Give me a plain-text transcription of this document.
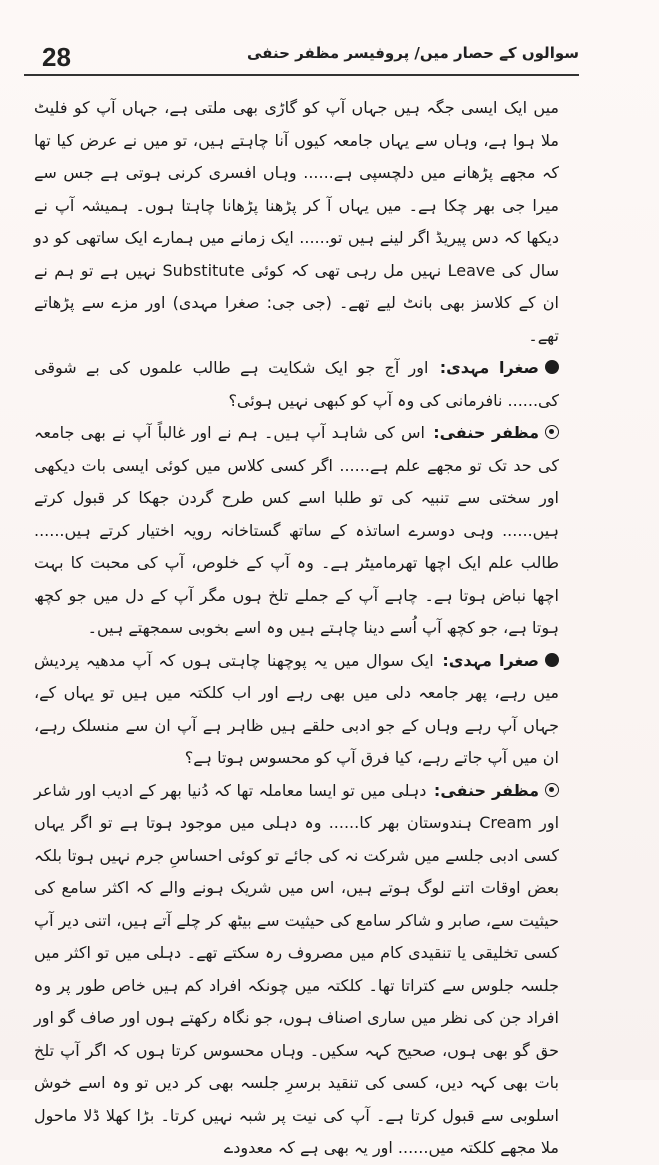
28	سوالوں کے حصار میں/ پروفیسر مظفر حنفی

میں ایک ایسی جگہ ہیں جہاں آپ کو گاڑی بھی ملتی ہے، جہاں آپ کو فلیٹ ملا ہوا ہے، وہاں سے یہاں جامعہ کیوں آنا چاہتے ہیں، تو میں نے عرض کیا تھا کہ مجھے پڑھانے میں دلچسپی ہے...... وہاں افسری کرنی ہوتی ہے جس سے میرا جی بھر چکا ہے۔ میں یہاں آ کر پڑھنا پڑھانا چاہتا ہوں۔ ہمیشہ آپ نے دیکھا کہ دس پیریڈ اگر لینے ہیں تو...... ایک زمانے میں ہمارے ایک ساتھی کو دو سال کی Leave نہیں مل رہی تھی کہ کوئی Substitute نہیں ہے تو ہم نے ان کے کلاسز بھی بانٹ لیے تھے۔ (جی جی: صغرا مہدی) اور مزے سے پڑھاتے تھے۔

صغرا مہدی: اور آج جو ایک شکایت ہے طالب علموں کی بے شوقی کی...... نافرمانی کی وہ آپ کو کبھی نہیں ہوئی؟

مظفر حنفی: اس کی شاہد آپ ہیں۔ ہم نے اور غالباً آپ نے بھی جامعہ کی حد تک تو مجھے علم ہے...... اگر کسی کلاس میں کوئی ایسی بات دیکھی اور سختی سے تنبیہ کی تو طلبا اسے کس طرح گردن جھکا کر قبول کرتے ہیں...... وہی دوسرے اساتذہ کے ساتھ گستاخانہ رویہ اختیار کرتے ہیں...... طالب علم ایک اچھا تھرمامیٹر ہے۔ وہ آپ کے خلوص، آپ کی محبت کا بہت اچھا نباض ہوتا ہے۔ چاہے آپ کے جملے تلخ ہوں مگر آپ کے دل میں جو کچھ ہوتا ہے، جو کچھ آپ اُسے دینا چاہتے ہیں وہ اسے بخوبی سمجھتے ہیں۔

صغرا مہدی: ایک سوال میں یہ پوچھنا چاہتی ہوں کہ آپ مدھیہ پردیش میں رہے، پھر جامعہ دلی میں بھی رہے اور اب کلکتہ میں ہیں تو یہاں کے، جہاں آپ رہے وہاں کے جو ادبی حلقے ہیں ظاہر ہے آپ ان سے منسلک رہے، ان میں آپ جاتے رہے، کیا فرق آپ کو محسوس ہوتا ہے؟

مظفر حنفی: دہلی میں تو ایسا معاملہ تھا کہ دُنیا بھر کے ادیب اور شاعر اور Cream ہندوستان بھر کا...... وہ دہلی میں موجود ہوتا ہے تو اگر یہاں کسی ادبی جلسے میں شرکت نہ کی جائے تو کوئی احساسِ جرم نہیں ہوتا بلکہ بعض اوقات اتنے لوگ ہوتے ہیں، اس میں شریک ہونے والے کہ اکثر سامع کی حیثیت سے، صابر و شاکر سامع کی حیثیت سے بیٹھ کر چلے آتے ہیں، اتنی دیر آپ کسی تخلیقی یا تنقیدی کام میں مصروف رہ سکتے تھے۔ دہلی میں تو اکثر میں جلسہ جلوس سے کتراتا تھا۔ کلکتہ میں چونکہ افراد کم ہیں خاص طور پر وہ افراد جن کی نظر میں ساری اصناف ہوں، جو نگاہ رکھتے ہوں اور صاف گو اور حق گو بھی ہوں، صحیح کہہ سکیں۔ وہاں محسوس کرتا ہوں کہ اگر آپ تلخ بات بھی کہہ دیں، کسی کی تنقید برسرِ جلسہ بھی کر دیں تو وہ اسے خوش اسلوبی سے قبول کرتا ہے۔ آپ کی نیت پر شبہ نہیں کرتا۔ بڑا کھلا ڈلا ماحول ملا مجھے کلکتہ میں...... اور یہ بھی ہے کہ معدودے
